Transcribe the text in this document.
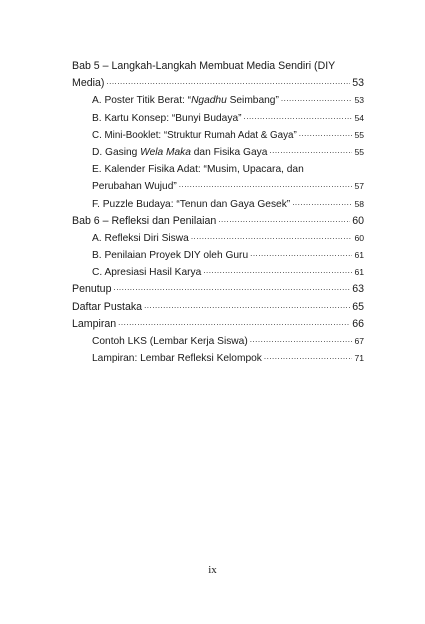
Bab 5 – Langkah-Langkah Membuat Media Sendiri (DIY
Media) .....	53
A. Poster Titik Berat: “Ngadhu Seimbang” .....	53
B. Kartu Konsep: “Bunyi Budaya” .....	54
C. Mini-Booklet: “Struktur Rumah Adat & Gaya” .....	55
D. Gasing Wela Maka dan Fisika Gaya .....	55
E. Kalender Fisika Adat: “Musim, Upacara, dan
Perubahan Wujud” .....	57
F. Puzzle Budaya: “Tenun dan Gaya Gesek” .....	58
Bab 6 – Refleksi dan Penilaian .....	60
A. Refleksi Diri Siswa .....	60
B. Penilaian Proyek DIY oleh Guru .....	61
C. Apresiasi Hasil Karya .....	61
Penutup .....	63
Daftar Pustaka .....	65
Lampiran .....	66
Contoh LKS (Lembar Kerja Siswa) .....	67
Lampiran: Lembar Refleksi Kelompok .....	71
ix
